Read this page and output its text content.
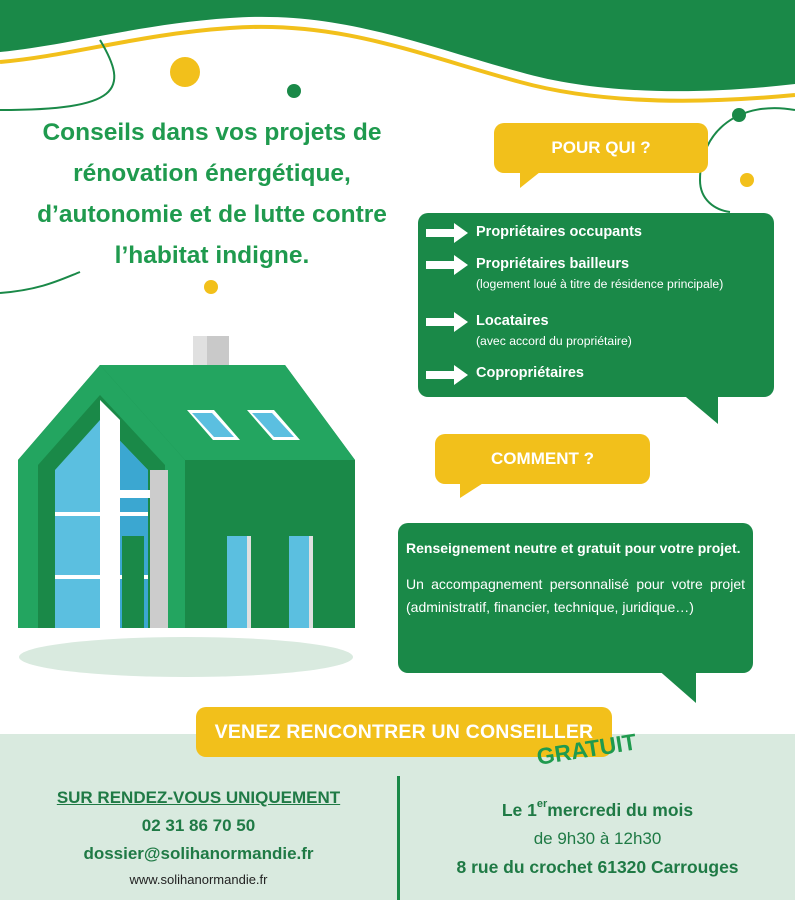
Conseils dans vos projets de rénovation énergétique, d’autonomie et de lutte contre l’habitat indigne.
POUR QUI ?
Propriétaires occupants
Propriétaires bailleurs
(logement loué à titre de résidence principale)
Locataires
(avec accord du propriétaire)
Copropriétaires
COMMENT ?
Renseignement neutre et gratuit pour votre projet.
Un accompagnement personnalisé pour votre projet (administratif, financier, technique, juridique…)
VENEZ RENCONTRER UN CONSEILLER
GRATUIT
SUR RENDEZ-VOUS UNIQUEMENT
02 31 86 70 50
dossier@solihanormandie.fr
www.solihanormandie.fr
Le 1ermercredi du mois
de 9h30 à 12h30
8 rue du crochet 61320 Carrouges
